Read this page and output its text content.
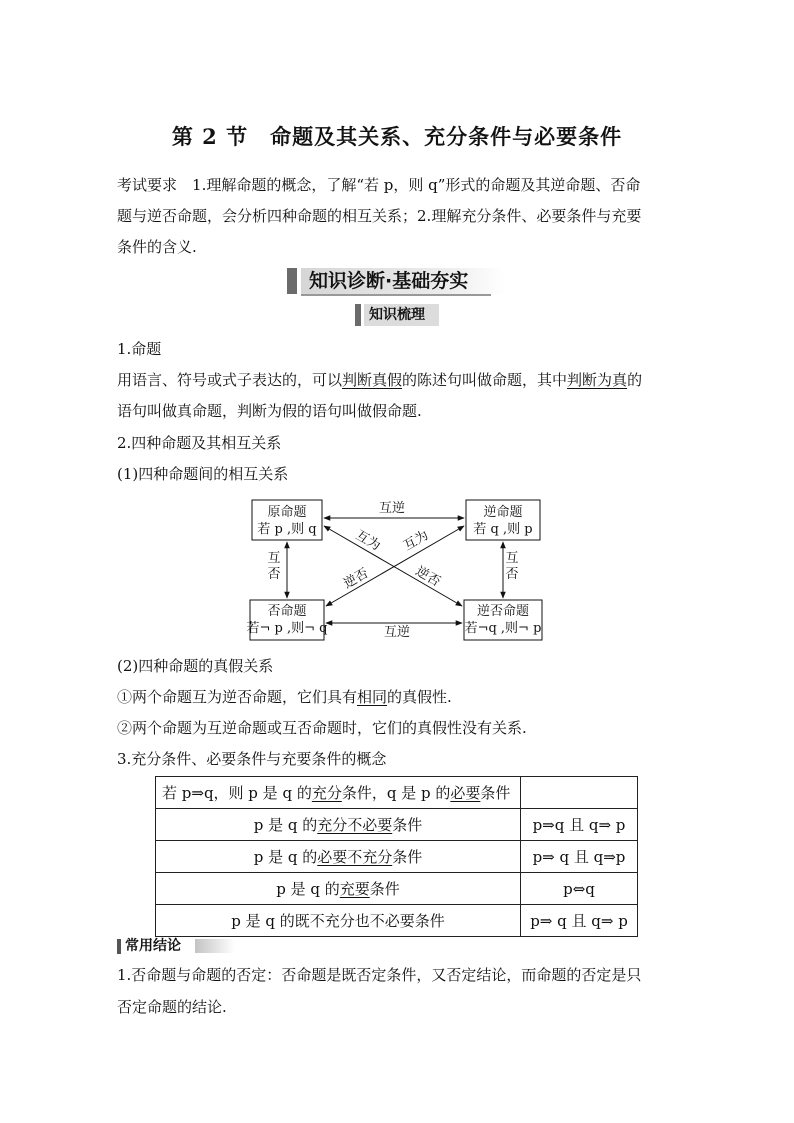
第 2 节　命题及其关系、充分条件与必要条件
考试要求　 1.理解命题的概念，了解“若 p，则 q”形式的命题及其逆命题、否命
题与逆否命题，会分析四种命题的相互关系；2.理解充分条件、必要条件与充要
条件的含义.
知识诊断·基础夯实
知识梳理
1.命题
用语言、符号或式子表达的，可以判断真假的陈述句叫做命题，其中判断为真的
语句叫做真命题，判断为假的语句叫做假命题.
2.四种命题及其相互关系
(1)四种命题间的相互关系
原命题
若 p ,则 q
逆命题
若 q ,则 p
否命题
若¬ p ,则¬ q
逆否命题
若¬q ,则¬ p
互逆
互逆
互
否
互
否
互为
逆否
互为
逆否
(2)四种命题的真假关系
①两个命题互为逆否命题，它们具有相同的真假性.
②两个命题为互逆命题或互否命题时，它们的真假性没有关系.
3.充分条件、必要条件与充要条件的概念
若 p⇒q，则 p 是 q 的充分条件，q 是 p 的必要条件	
p 是 q 的充分不必要条件	p⇒q 且 q⇒ p
p 是 q 的必要不充分条件	p⇒ q 且 q⇒p
p 是 q 的充要条件	p⇔q
p 是 q 的既不充分也不必要条件	p⇒ q 且 q⇒ p
常用结论
1.否命题与命题的否定：否命题是既否定条件，又否定结论，而命题的否定是只
否定命题的结论.
